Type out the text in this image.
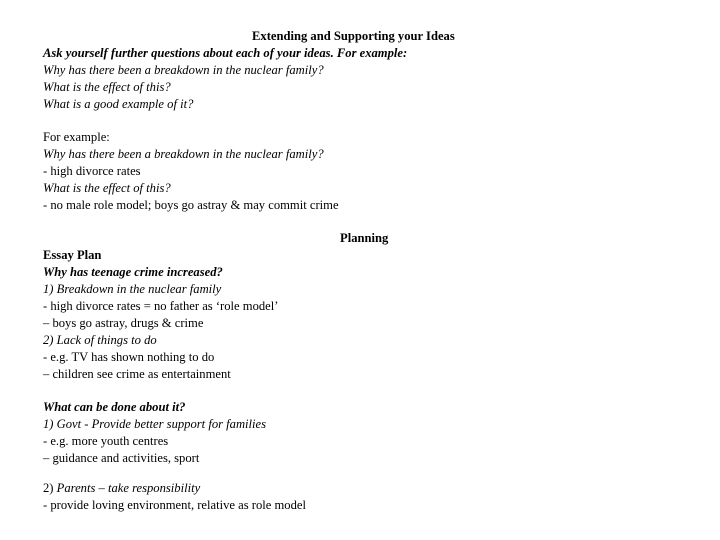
Extending and Supporting your Ideas
Ask yourself further questions about each of your ideas. For example:
Why has there been a breakdown in the nuclear family?
What is the effect of this?
What is a good example of it?
For example:
Why has there been a breakdown in the nuclear family?
- high divorce rates
What is the effect of this?
- no male role model; boys go astray & may commit crime
Planning
Essay Plan
Why has teenage crime increased?
1) Breakdown in the nuclear family
- high divorce rates = no father as ‘role model’
– boys go astray, drugs & crime
2) Lack of things to do
- e.g. TV has shown nothing to do
– children see crime as entertainment
What can be done about it?
1) Govt - Provide better support for families
- e.g. more youth centres
– guidance and activities, sport
2) Parents – take responsibility
- provide loving environment, relative as role model
